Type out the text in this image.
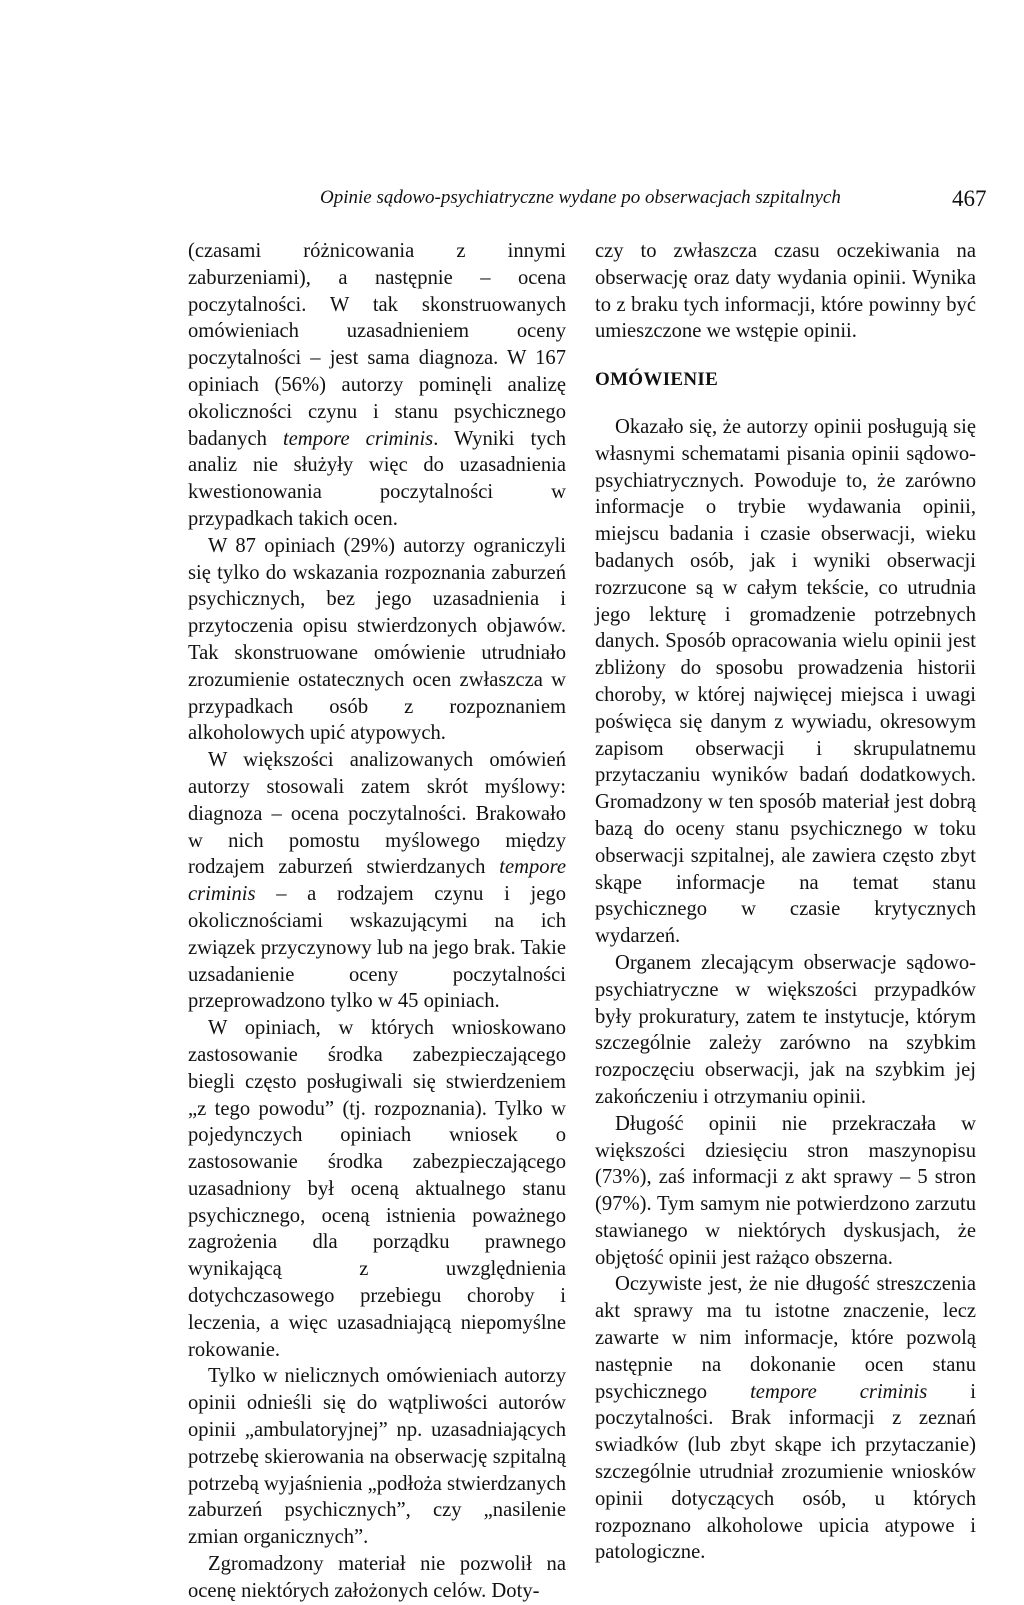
Opinie sądowo-psychiatryczne wydane po obserwacjach szpitalnych	467

(czasami różnicowania z innymi zaburzeniami), a następnie – ocena poczytalności. W tak skonstruowanych omówieniach uzasadnieniem oceny poczytalności – jest sama diagnoza. W 167 opiniach (56%) autorzy pominęli analizę okoliczności czynu i stanu psychicznego badanych tempore criminis. Wyniki tych analiz nie służyły więc do uzasadnienia kwestionowania poczytalności w przypadkach takich ocen.

W 87 opiniach (29%) autorzy ograniczyli się tylko do wskazania rozpoznania zaburzeń psychicznych, bez jego uzasadnienia i przytoczenia opisu stwierdzonych objawów. Tak skonstruowane omówienie utrudniało zrozumienie ostatecznych ocen zwłaszcza w przypadkach osób z rozpoznaniem alkoholowych upić atypowych.

W większości analizowanych omówień autorzy stosowali zatem skrót myślowy: diagnoza – ocena poczytalności. Brakowało w nich pomostu myślowego między rodzajem zaburzeń stwierdzanych tempore criminis – a rodzajem czynu i jego okolicznościami wskazującymi na ich związek przyczynowy lub na jego brak. Takie uzsadanienie oceny poczytalności przeprowadzono tylko w 45 opiniach.

W opiniach, w których wnioskowano zastosowanie środka zabezpieczającego biegli często posługiwali się stwierdzeniem „z tego powodu” (tj. rozpoznania). Tylko w pojedynczych opiniach wniosek o zastosowanie środka zabezpieczającego uzasadniony był oceną aktualnego stanu psychicznego, oceną istnienia poważnego zagrożenia dla porządku prawnego wynikającą z uwzględnienia dotychczasowego przebiegu choroby i leczenia, a więc uzasadniającą niepomyślne rokowanie.

Tylko w nielicznych omówieniach autorzy opinii odnieśli się do wątpliwości autorów opinii „ambulatoryjnej” np. uzasadniających potrzebę skierowania na obserwację szpitalną potrzebą wyjaśnienia „podłoża stwierdzanych zaburzeń psychicznych”, czy „nasilenie zmian organicznych”.

Zgromadzony materiał nie pozwolił na ocenę niektórych założonych celów. Doty-

czy to zwłaszcza czasu oczekiwania na obserwację oraz daty wydania opinii. Wynika to z braku tych informacji, które powinny być umieszczone we wstępie opinii.

OMÓWIENIE

Okazało się, że autorzy opinii posługują się własnymi schematami pisania opinii sądowo-psychiatrycznych. Powoduje to, że zarówno informacje o trybie wydawania opinii, miejscu badania i czasie obserwacji, wieku badanych osób, jak i wyniki obserwacji rozrzucone są w całym tekście, co utrudnia jego lekturę i gromadzenie potrzebnych danych. Sposób opracowania wielu opinii jest zbliżony do sposobu prowadzenia historii choroby, w której najwięcej miejsca i uwagi poświęca się danym z wywiadu, okresowym zapisom obserwacji i skrupulatnemu przytaczaniu wyników badań dodatkowych. Gromadzony w ten sposób materiał jest dobrą bazą do oceny stanu psychicznego w toku obserwacji szpitalnej, ale zawiera często zbyt skąpe informacje na temat stanu psychicznego w czasie krytycznych wydarzeń.

Organem zlecającym obserwacje sądowo-psychiatryczne w większości przypadków były prokuratury, zatem te instytucje, którym szczególnie zależy zarówno na szybkim rozpoczęciu obserwacji, jak na szybkim jej zakończeniu i otrzymaniu opinii.

Długość opinii nie przekraczała w większości dziesięciu stron maszynopisu (73%), zaś informacji z akt sprawy – 5 stron (97%). Tym samym nie potwierdzono zarzutu stawianego w niektórych dyskusjach, że objętość opinii jest rażąco obszerna.

Oczywiste jest, że nie długość streszczenia akt sprawy ma tu istotne znaczenie, lecz zawarte w nim informacje, które pozwolą następnie na dokonanie ocen stanu psychicznego tempore criminis i poczytalności. Brak informacji z zeznań swiadków (lub zbyt skąpe ich przytaczanie) szczególnie utrudniał zrozumienie wniosków opinii dotyczących osób, u których rozpoznano alkoholowe upicia atypowe i patologiczne.
